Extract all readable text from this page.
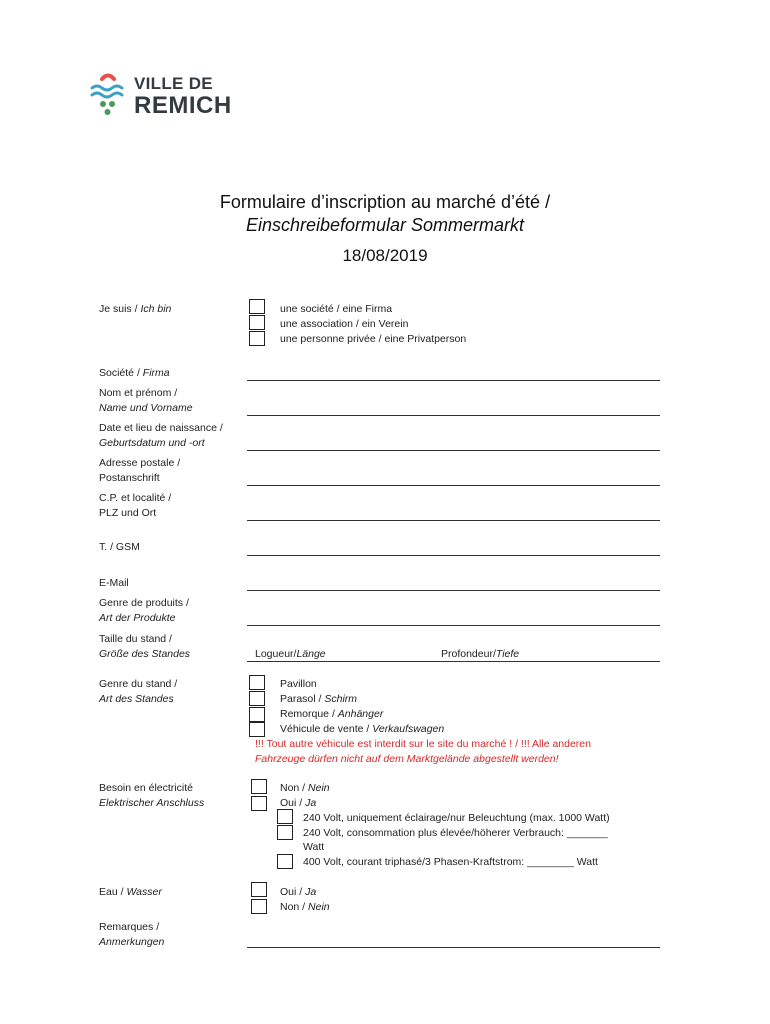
VILLE DE
REMICH
Formulaire d’inscription au marché d’été /
Einschreibeformular Sommermarkt
18/08/2019
Je suis / Ich bin	une société / eine Firma
une association / ein Verein
une personne privée / eine Privatperson
Société / Firma
Nom et prénom /
Name und Vorname
Date et lieu de naissance /
Geburtsdatum und -ort
Adresse postale /
Postanschrift
C.P. et localité /
PLZ und Ort
T. / GSM
E-Mail
Genre de produits /
Art der Produkte
Taille du stand /
Größe des Standes	Logueur/Länge	Profondeur/Tiefe
Genre du stand /
Art des Standes
Pavillon
Parasol / Schirm
Remorque / Anhänger
Véhicule de vente / Verkaufswagen
!!! Tout autre véhicule est interdit sur le site du marché ! / !!! Alle anderen
Fahrzeuge dürfen nicht auf dem Marktgelände abgestellt werden!
Besoin en électricité
Elektrischer Anschluss
Non / Nein
Oui / Ja
240 Volt, uniquement éclairage/nur Beleuchtung (max. 1000 Watt)
240 Volt, consommation plus élevée/höherer Verbrauch: _______
Watt
400 Volt, courant triphasé/3 Phasen-Kraftstrom: ________ Watt
Eau / Wasser	Oui / Ja
Non / Nein
Remarques /
Anmerkungen
